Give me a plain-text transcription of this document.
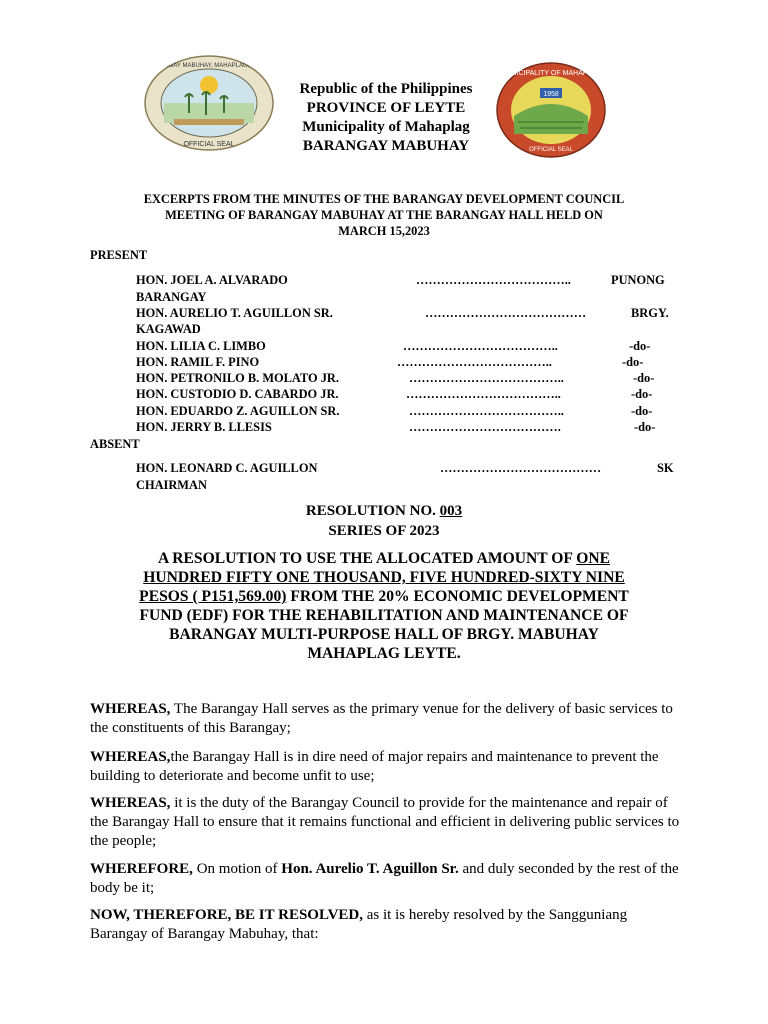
BARANGAY MABUHAY, MAHAPLAG, LEYTE
OFFICIAL SEAL
Republic of the Philippines
PROVINCE OF LEYTE
Municipality of Mahaplag
BARANGAY MABUHAY
1958
MUNICIPALITY OF MAHAPLAG
OFFICIAL SEAL
EXCERPTS FROM THE MINUTES OF THE BARANGAY DEVELOPMENT COUNCIL
MEETING OF BARANGAY MABUHAY AT THE BARANGAY HALL HELD ON
MARCH 15,2023
PRESENT
HON. JOEL A. ALVARADO	………………………………..	PUNONG
BARANGAY
HON. AURELIO T. AGUILLON SR.	…………………………………	BRGY.
KAGAWAD
HON. LILIA C. LIMBO	………………………………..	-do-
HON. RAMIL F. PINO	………………………………..	-do-
HON. PETRONILO B. MOLATO JR.	………………………………..	-do-
HON. CUSTODIO D. CABARDO JR.	………………………………..	-do-
HON. EDUARDO Z. AGUILLON SR.	………………………………..	-do-
HON. JERRY B. LLESIS	……………………………….	-do-
ABSENT
HON. LEONARD C. AGUILLON	…………………………………	SK
CHAIRMAN
RESOLUTION NO. 003
SERIES OF 2023
A RESOLUTION TO USE THE ALLOCATED AMOUNT OF ONE
HUNDRED FIFTY ONE THOUSAND, FIVE HUNDRED-SIXTY NINE
PESOS ( P151,569.00) FROM THE 20% ECONOMIC DEVELOPMENT
FUND (EDF) FOR THE REHABILITATION AND MAINTENANCE OF
BARANGAY MULTI-PURPOSE HALL OF BRGY. MABUHAY
MAHAPLAG LEYTE.
WHEREAS, The Barangay Hall serves as the primary venue for the delivery of basic services to the constituents of this Barangay;
WHEREAS,the Barangay Hall is in dire need of major repairs and maintenance to prevent the building to deteriorate and become unfit to use;
WHEREAS, it is the duty of the Barangay Council to provide for the maintenance and repair of the Barangay Hall to ensure that it remains functional and efficient in delivering public services to the people;
WHEREFORE, On motion of Hon. Aurelio T. Aguillon Sr. and duly seconded by the rest of the body be it;
NOW, THEREFORE, BE IT RESOLVED, as it is hereby resolved by the Sangguniang Barangay of Barangay Mabuhay, that:
